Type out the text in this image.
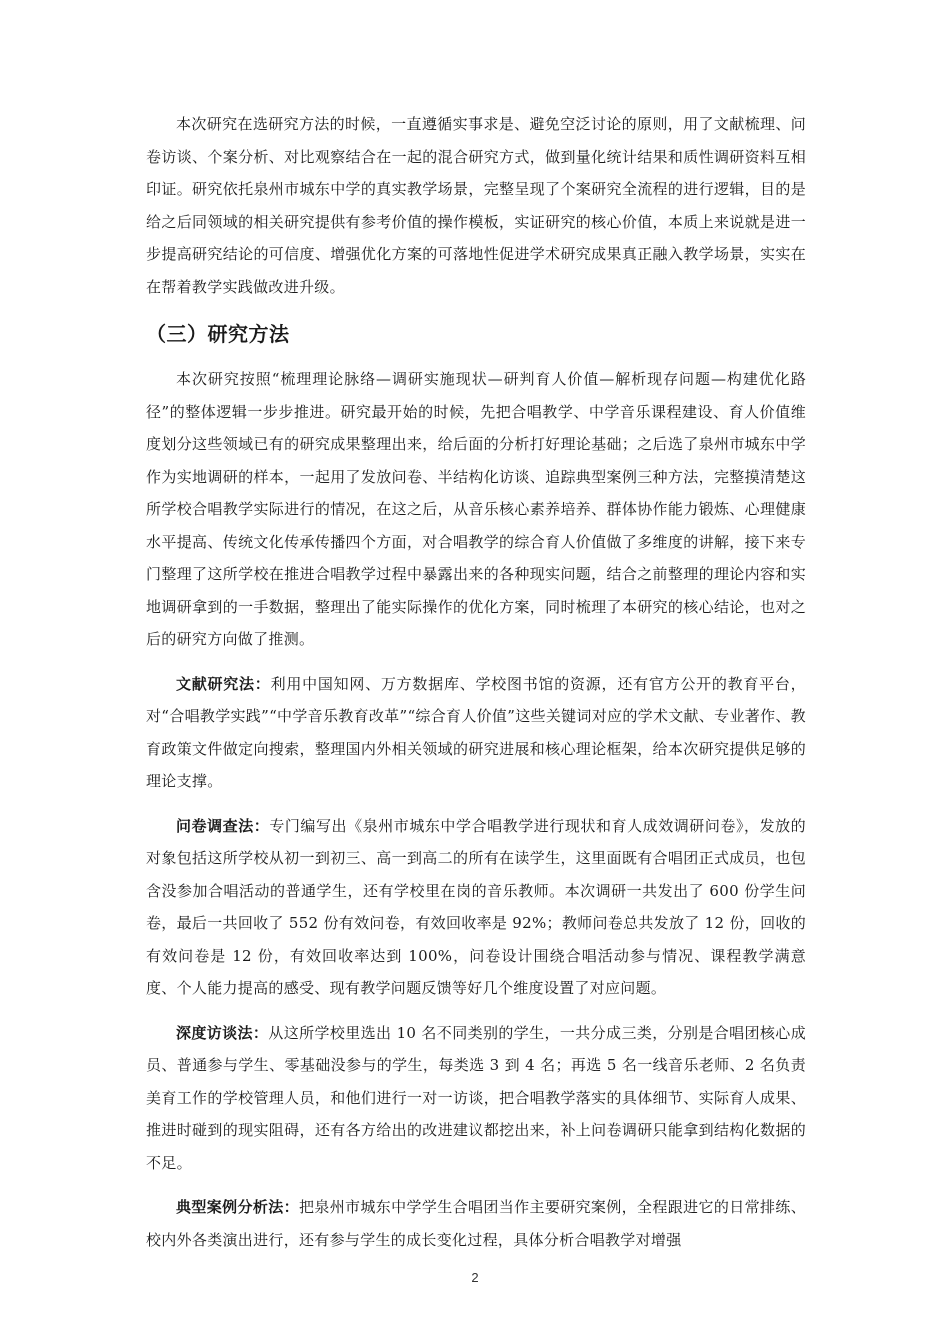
本次研究在选研究方法的时候，一直遵循实事求是、避免空泛讨论的原则，用了文献梳理、问卷访谈、个案分析、对比观察结合在一起的混合研究方式，做到量化统计结果和质性调研资料互相印证。研究依托泉州市城东中学的真实教学场景，完整呈现了个案研究全流程的进行逻辑，目的是给之后同领域的相关研究提供有参考价值的操作模板，实证研究的核心价值，本质上来说就是进一步提高研究结论的可信度、增强优化方案的可落地性促进学术研究成果真正融入教学场景，实实在在帮着教学实践做改进升级。

（三）研究方法

本次研究按照“梳理理论脉络—调研实施现状—研判育人价值—解析现存问题—构建优化路径”的整体逻辑一步步推进。研究最开始的时候，先把合唱教学、中学音乐课程建设、育人价值维度划分这些领域已有的研究成果整理出来，给后面的分析打好理论基础；之后选了泉州市城东中学作为实地调研的样本，一起用了发放问卷、半结构化访谈、追踪典型案例三种方法，完整摸清楚这所学校合唱教学实际进行的情况，在这之后，从音乐核心素养培养、群体协作能力锻炼、心理健康水平提高、传统文化传承传播四个方面，对合唱教学的综合育人价值做了多维度的讲解，接下来专门整理了这所学校在推进合唱教学过程中暴露出来的各种现实问题，结合之前整理的理论内容和实地调研拿到的一手数据，整理出了能实际操作的优化方案，同时梳理了本研究的核心结论，也对之后的研究方向做了推测。

文献研究法：利用中国知网、万方数据库、学校图书馆的资源，还有官方公开的教育平台，对“合唱教学实践”“中学音乐教育改革”“综合育人价值”这些关键词对应的学术文献、专业著作、教育政策文件做定向搜索，整理国内外相关领域的研究进展和核心理论框架，给本次研究提供足够的理论支撑。

问卷调查法：专门编写出《泉州市城东中学合唱教学进行现状和育人成效调研问卷》，发放的对象包括这所学校从初一到初三、高一到高二的所有在读学生，这里面既有合唱团正式成员，也包含没参加合唱活动的普通学生，还有学校里在岗的音乐教师。本次调研一共发出了 600 份学生问卷，最后一共回收了 552 份有效问卷，有效回收率是 92%；教师问卷总共发放了 12 份，回收的有效问卷是 12 份，有效回收率达到 100%，问卷设计围绕合唱活动参与情况、课程教学满意度、个人能力提高的感受、现有教学问题反馈等好几个维度设置了对应问题。

深度访谈法：从这所学校里选出 10 名不同类别的学生，一共分成三类，分别是合唱团核心成员、普通参与学生、零基础没参与的学生，每类选 3 到 4 名；再选 5 名一线音乐老师、2 名负责美育工作的学校管理人员，和他们进行一对一访谈，把合唱教学落实的具体细节、实际育人成果、推进时碰到的现实阻碍，还有各方给出的改进建议都挖出来，补上问卷调研只能拿到结构化数据的不足。

典型案例分析法：把泉州市城东中学学生合唱团当作主要研究案例，全程跟进它的日常排练、校内外各类演出进行，还有参与学生的成长变化过程，具体分析合唱教学对增强

2
